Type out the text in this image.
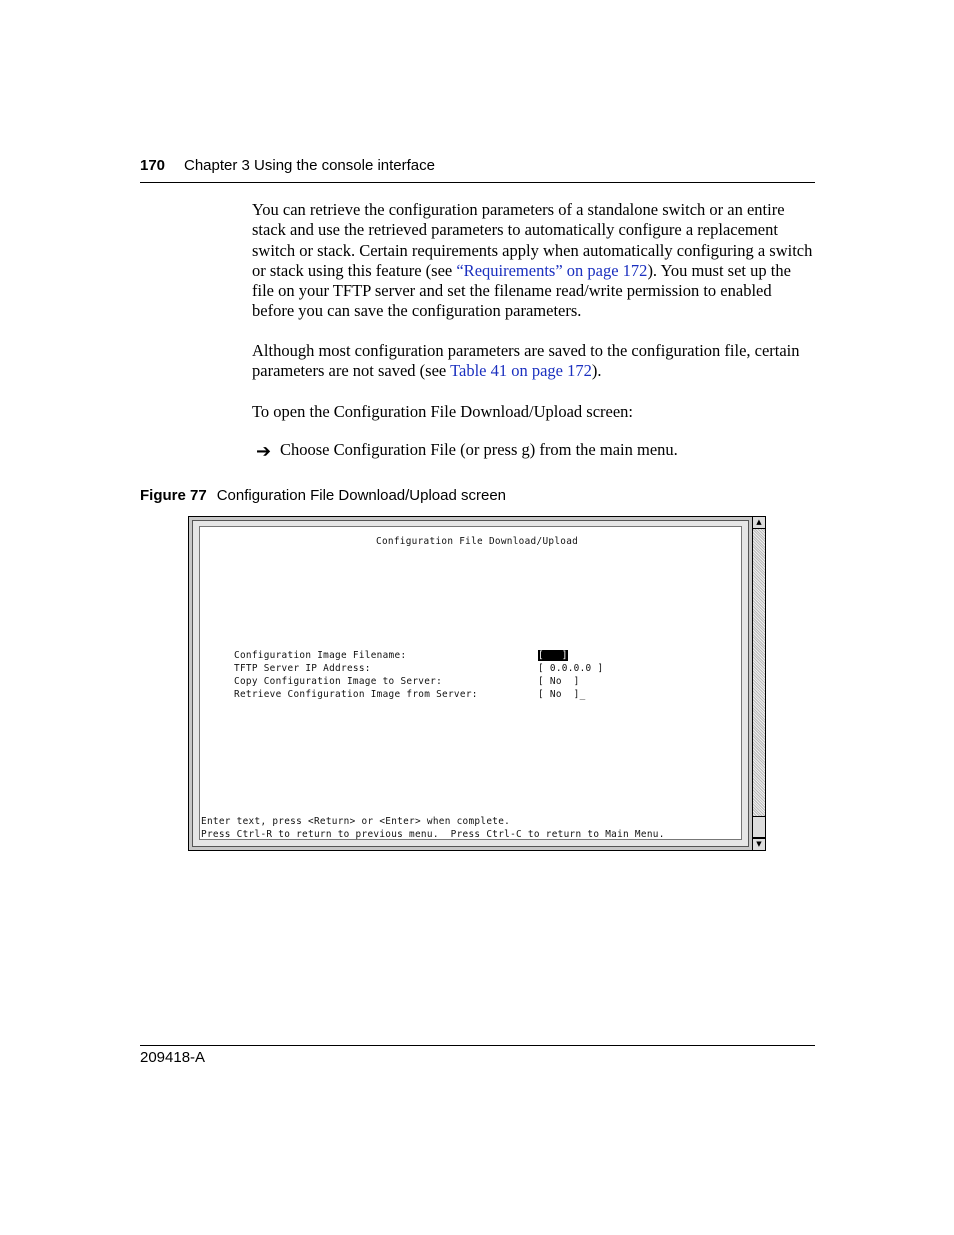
170 Chapter 3 Using the console interface
You can retrieve the configuration parameters of a standalone switch or an entire stack and use the retrieved parameters to automatically configure a replacement switch or stack. Certain requirements apply when automatically configuring a switch or stack using this feature (see “Requirements” on page 172). You must set up the file on your TFTP server and set the filename read/write permission to enabled before you can save the configuration parameters.
Although most configuration parameters are saved to the configuration file, certain parameters are not saved (see Table 41 on page 172).
To open the Configuration File Download/Upload screen:
➔ Choose Configuration File (or press g) from the main menu.
Figure 77 Configuration File Download/Upload screen
Configuration File Download/Upload
Configuration Image Filename:	[   ]
TFTP Server IP Address:	[ 0.0.0.0 ]
Copy Configuration Image to Server:	[ No  ]
Retrieve Configuration Image from Server:	[ No  ]_
Enter text, press <Return> or <Enter> when complete.
Press Ctrl-R to return to previous menu.  Press Ctrl-C to return to Main Menu.
▲
▼
209418-A
